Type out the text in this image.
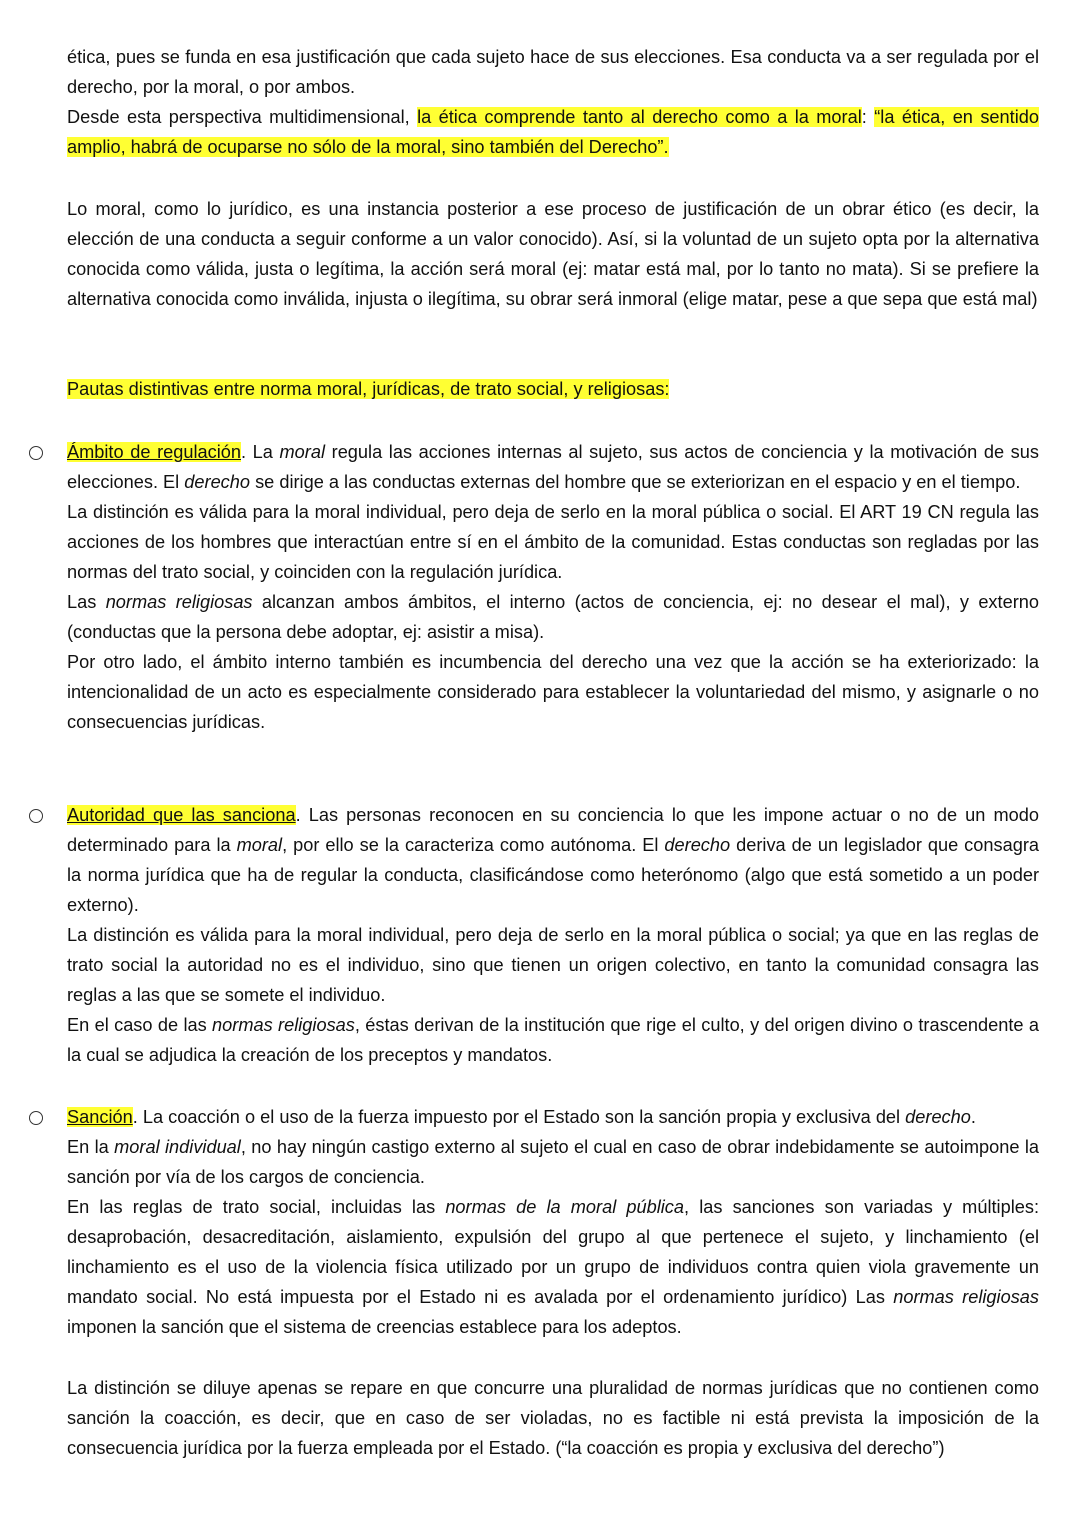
ética, pues se funda en esa justificación que cada sujeto hace de sus elecciones. Esa conducta va a ser regulada por el derecho, por la moral, o por ambos.

Desde esta perspectiva multidimensional, la ética comprende tanto al derecho como a la moral: “la ética, en sentido amplio, habrá de ocuparse no sólo de la moral, sino también del Derecho”.

Lo moral, como lo jurídico, es una instancia posterior a ese proceso de justificación de un obrar ético (es decir, la elección de una conducta a seguir conforme a un valor conocido). Así, si la voluntad de un sujeto opta por la alternativa conocida como válida, justa o legítima, la acción será moral (ej: matar está mal, por lo tanto no mata). Si se prefiere la alternativa conocida como inválida, injusta o ilegítima, su obrar será inmoral (elige matar, pese a que sepa que está mal)

Pautas distintivas entre norma moral, jurídicas, de trato social, y religiosas:

Ámbito de regulación. La moral regula las acciones internas al sujeto, sus actos de conciencia y la motivación de sus elecciones. El derecho se dirige a las conductas externas del hombre que se exteriorizan en el espacio y en el tiempo.

La distinción es válida para la moral individual, pero deja de serlo en la moral pública o social. El ART 19 CN regula las acciones de los hombres que interactúan entre sí en el ámbito de la comunidad. Estas conductas son regladas por las normas del trato social, y coinciden con la regulación jurídica.

Las normas religiosas alcanzan ambos ámbitos, el interno (actos de conciencia, ej: no desear el mal), y externo (conductas que la persona debe adoptar, ej: asistir a misa).

Por otro lado, el ámbito interno también es incumbencia del derecho una vez que la acción se ha exteriorizado: la intencionalidad de un acto es especialmente considerado para establecer la voluntariedad del mismo, y asignarle o no consecuencias jurídicas.

Autoridad que las sanciona. Las personas reconocen en su conciencia lo que les impone actuar o no de un modo determinado para la moral, por ello se la caracteriza como autónoma. El derecho deriva de un legislador que consagra la norma jurídica que ha de regular la conducta, clasificándose como heterónomo (algo que está sometido a un poder externo).

La distinción es válida para la moral individual, pero deja de serlo en la moral pública o social; ya que en las reglas de trato social la autoridad no es el individuo, sino que tienen un origen colectivo, en tanto la comunidad consagra las reglas a las que se somete el individuo.

En el caso de las normas religiosas, éstas derivan de la institución que rige el culto, y del origen divino o trascendente a la cual se adjudica la creación de los preceptos y mandatos.

Sanción. La coacción o el uso de la fuerza impuesto por el Estado son la sanción propia y exclusiva del derecho.

En la moral individual, no hay ningún castigo externo al sujeto el cual en caso de obrar indebidamente se autoimpone la sanción por vía de los cargos de conciencia.

En las reglas de trato social, incluidas las normas de la moral pública, las sanciones son variadas y múltiples: desaprobación, desacreditación, aislamiento, expulsión del grupo al que pertenece el sujeto, y linchamiento (el linchamiento es el uso de la violencia física utilizado por un grupo de individuos contra quien viola gravemente un mandato social. No está impuesta por el Estado ni es avalada por el ordenamiento jurídico) Las normas religiosas imponen la sanción que el sistema de creencias establece para los adeptos.

La distinción se diluye apenas se repare en que concurre una pluralidad de normas jurídicas que no contienen como sanción la coacción, es decir, que en caso de ser violadas, no es factible ni está prevista la imposición de la consecuencia jurídica por la fuerza empleada por el Estado. (“la coacción es propia y exclusiva del derecho”)
